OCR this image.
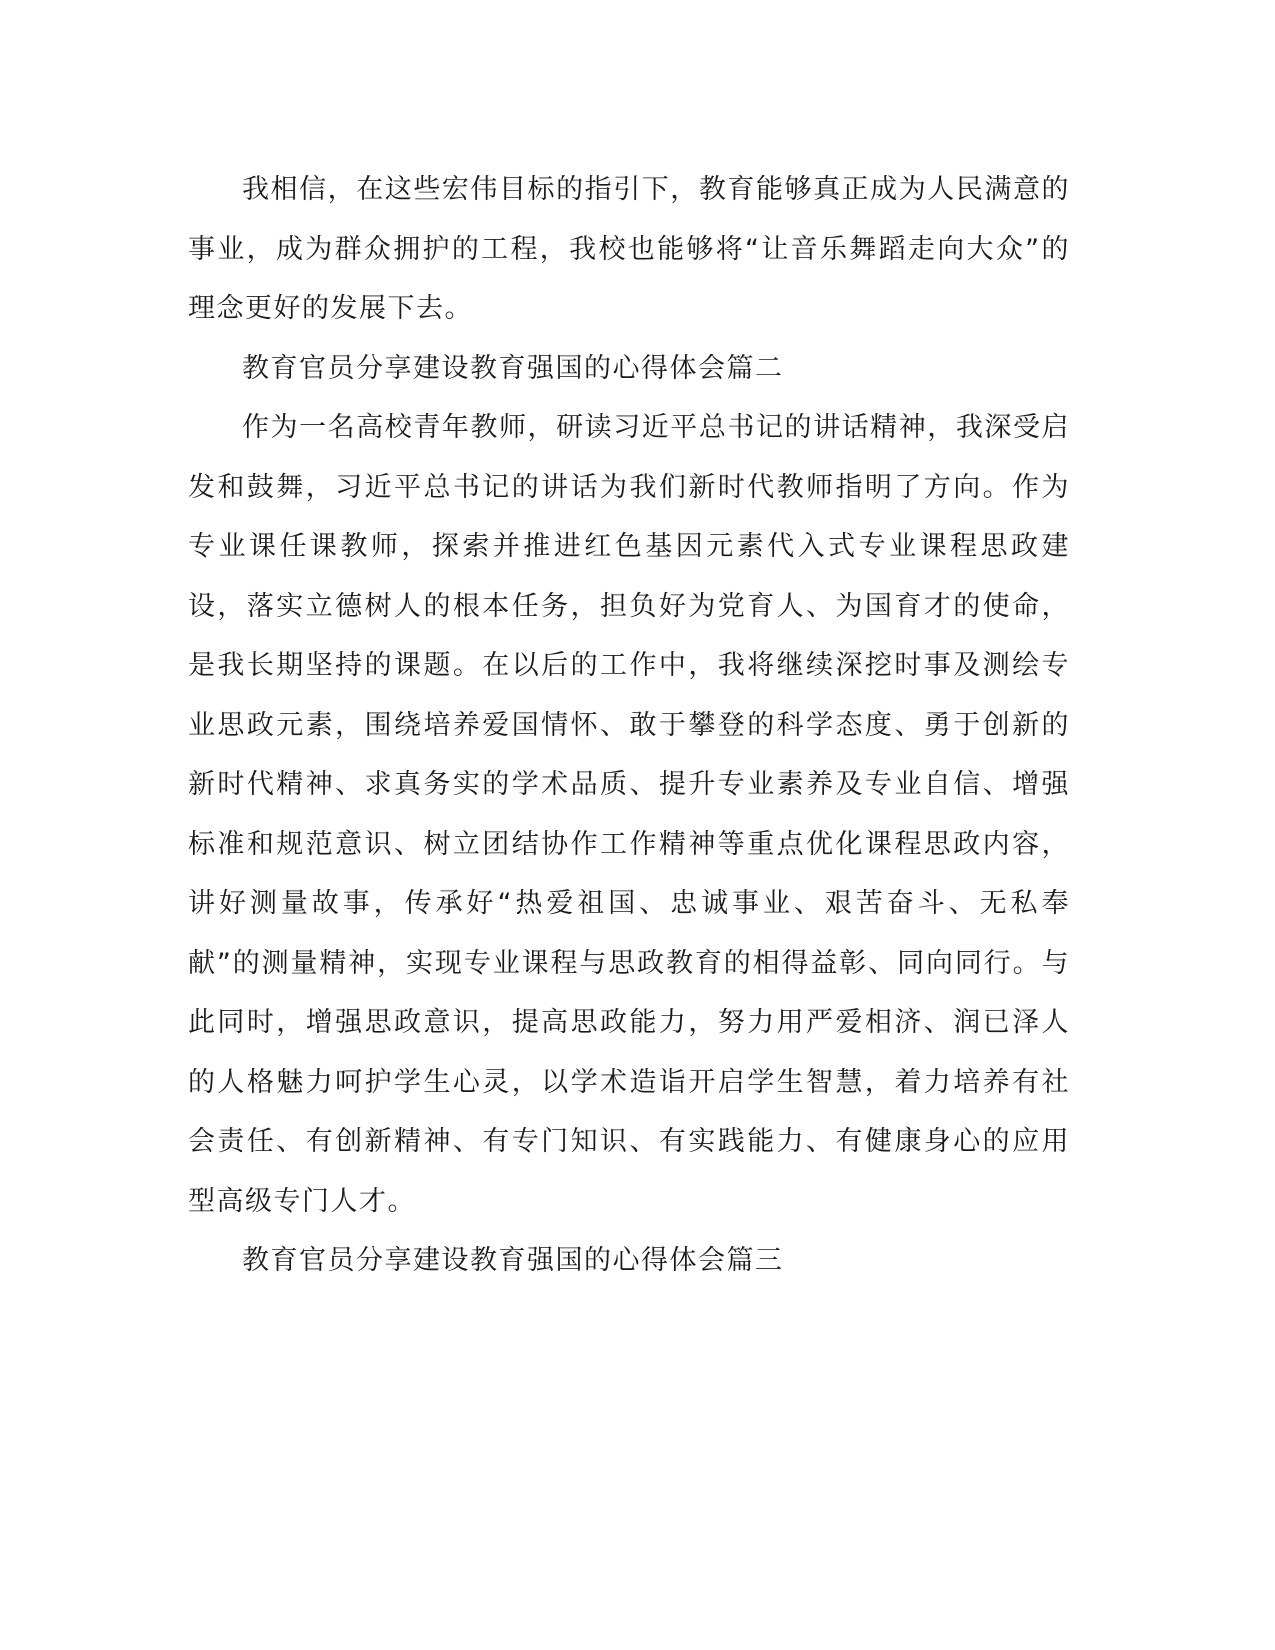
我相信，在这些宏伟目标的指引下，教育能够真正成为人民满意的事业，成为群众拥护的工程，我校也能够将“让音乐舞蹈走向大众”的理念更好的发展下去。

教育官员分享建设教育强国的心得体会篇二

作为一名高校青年教师，研读习近平总书记的讲话精神，我深受启发和鼓舞，习近平总书记的讲话为我们新时代教师指明了方向。作为专业课任课教师，探索并推进红色基因元素代入式专业课程思政建设，落实立德树人的根本任务，担负好为党育人、为国育才的使命，是我长期坚持的课题。在以后的工作中，我将继续深挖时事及测绘专业思政元素，围绕培养爱国情怀、敢于攀登的科学态度、勇于创新的新时代精神、求真务实的学术品质、提升专业素养及专业自信、增强标准和规范意识、树立团结协作工作精神等重点优化课程思政内容，讲好测量故事，传承好“热爱祖国、忠诚事业、艰苦奋斗、无私奉献”的测量精神，实现专业课程与思政教育的相得益彰、同向同行。与此同时，增强思政意识，提高思政能力，努力用严爱相济、润已泽人的人格魅力呵护学生心灵，以学术造诣开启学生智慧，着力培养有社会责任、有创新精神、有专门知识、有实践能力、有健康身心的应用型高级专门人才。

教育官员分享建设教育强国的心得体会篇三
